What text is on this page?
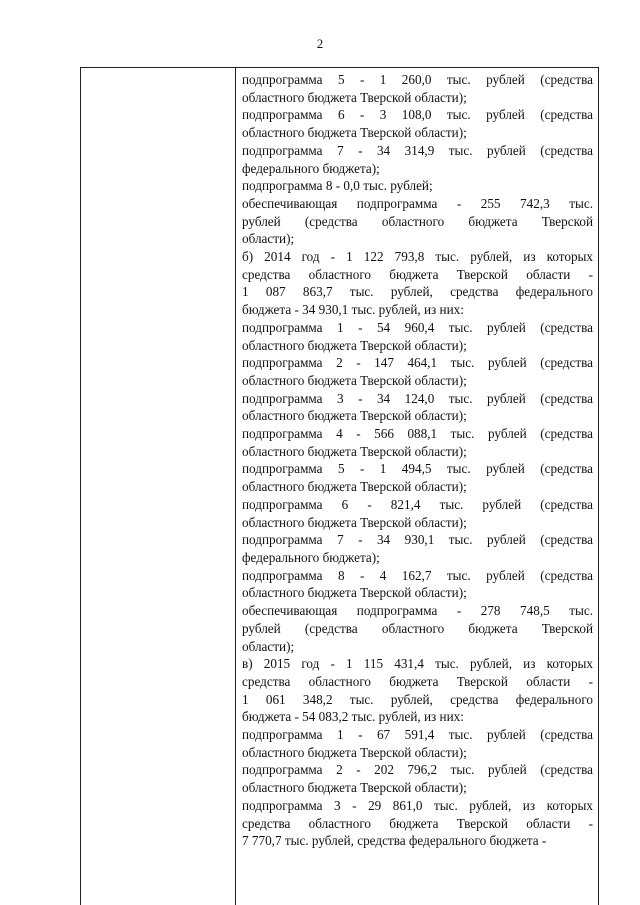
2

подпрограмма 5 - 1 260,0 тыс. рублей (средства
областного бюджета Тверской области);

подпрограмма 6 - 3 108,0 тыс. рублей (средства
областного бюджета Тверской области);

подпрограмма 7 - 34 314,9 тыс. рублей (средства
федерального бюджета);

подпрограмма 8 - 0,0 тыс. рублей;

обеспечивающая подпрограмма - 255 742,3 тыс.
рублей (средства областного бюджета Тверской
области);

б) 2014 год - 1 122 793,8 тыс. рублей, из которых
средства областного бюджета Тверской области -
1 087 863,7 тыс. рублей, средства федерального
бюджета - 34 930,1 тыс. рублей, из них:

подпрограмма 1 - 54 960,4 тыс. рублей (средства
областного бюджета Тверской области);

подпрограмма 2 - 147 464,1 тыс. рублей (средства
областного бюджета Тверской области);

подпрограмма 3 - 34 124,0 тыс. рублей (средства
областного бюджета Тверской области);

подпрограмма 4 - 566 088,1 тыс. рублей (средства
областного бюджета Тверской области);

подпрограмма 5 - 1 494,5 тыс. рублей (средства
областного бюджета Тверской области);

подпрограмма 6 - 821,4 тыс. рублей (средства
областного бюджета Тверской области);

подпрограмма 7 - 34 930,1 тыс. рублей (средства
федерального бюджета);

подпрограмма 8 - 4 162,7 тыс. рублей (средства
областного бюджета Тверской области);

обеспечивающая подпрограмма - 278 748,5 тыс.
рублей (средства областного бюджета Тверской
области);

в) 2015 год - 1 115 431,4 тыс. рублей, из которых
средства областного бюджета Тверской области -
1 061 348,2 тыс. рублей, средства федерального
бюджета - 54 083,2 тыс. рублей, из них:

подпрограмма 1 - 67 591,4 тыс. рублей (средства
областного бюджета Тверской области);

подпрограмма 2 - 202 796,2 тыс. рублей (средства
областного бюджета Тверской области);

подпрограмма 3 - 29 861,0 тыс. рублей, из которых
средства областного бюджета Тверской области -
7 770,7 тыс. рублей, средства федерального бюджета -
